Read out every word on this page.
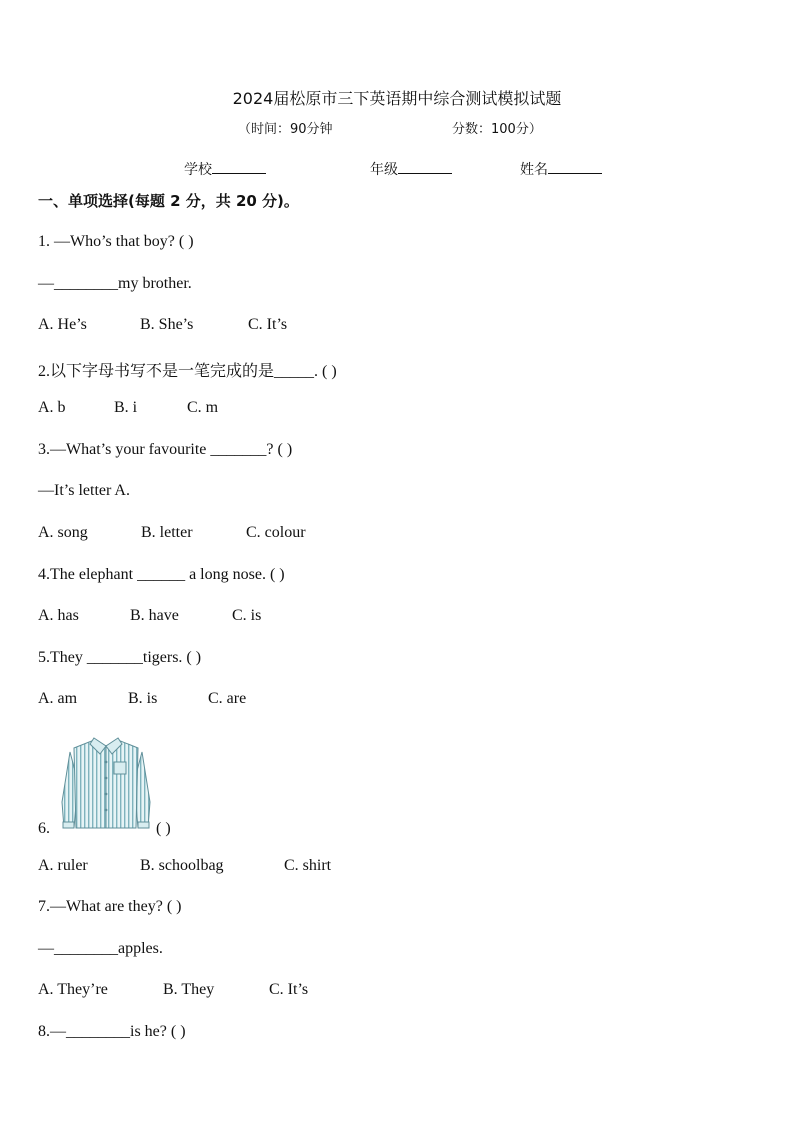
2024届松原市三下英语期中综合测试模拟试题
（时间：90分钟	分数：100分）
学校	年级	姓名
一、单项选择(每题 2 分，共 20 分)。
1. —Who’s that boy? ( )
—________my brother.
A. He’s	B. She’s	C. It’s
2.以下字母书写不是一笔完成的是_____. ( )
A. b	B. i	C. m
3.—What’s your favourite _______? ( )
—It’s letter A.
A. song	B. letter	C. colour
4.The elephant ______ a long nose. ( )
A. has	B. have	C. is
5.They _______tigers. ( )
A. am	B. is	C. are
6.	( )
A. ruler	B. schoolbag	C. shirt
7.—What are they? ( )
—________apples.
A. They’re	B. They	C. It’s
8.—________is he? ( )
